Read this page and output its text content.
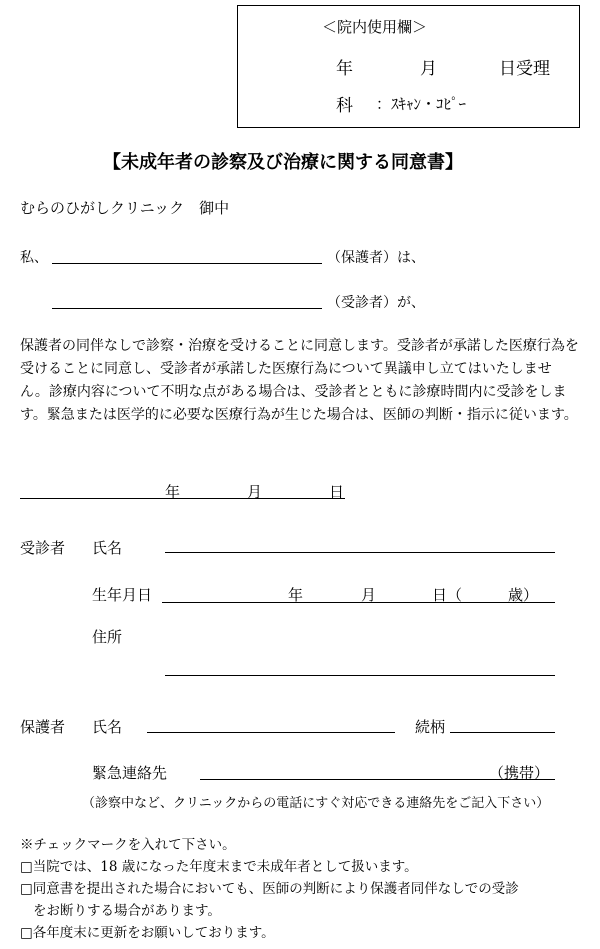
＜院内使用欄＞
年	月	日受理
科 ：ｽｷｬﾝ・ｺﾋﾟｰ
【未成年者の診察及び治療に関する同意書】
むらのひがしクリニック　御中
私、	（保護者）は、
（受診者）が、
保護者の同伴なしで診察・治療を受けることに同意します。受診者が承諾した医療行為を受けることに同意し、受診者が承諾した医療行為について異議申し立てはいたしません。診療内容について不明な点がある場合は、受診者とともに診療時間内に受診をします。緊急または医学的に必要な医療行為が生じた場合は、医師の判断・指示に従います。
年	月	日
受診者 氏名
生年月日	年	月	日（	歳）
住所
保護者 氏名	続柄
緊急連絡先	（携帯）
（診察中など、クリニックからの電話にすぐ対応できる連絡先をご記入下さい）
※チェックマークを入れて下さい。
□当院では、18 歳になった年度末まで未成年者として扱います。
□同意書を提出された場合においても、医師の判断により保護者同伴なしでの受診
をお断りする場合があります。
□各年度末に更新をお願いしております。
